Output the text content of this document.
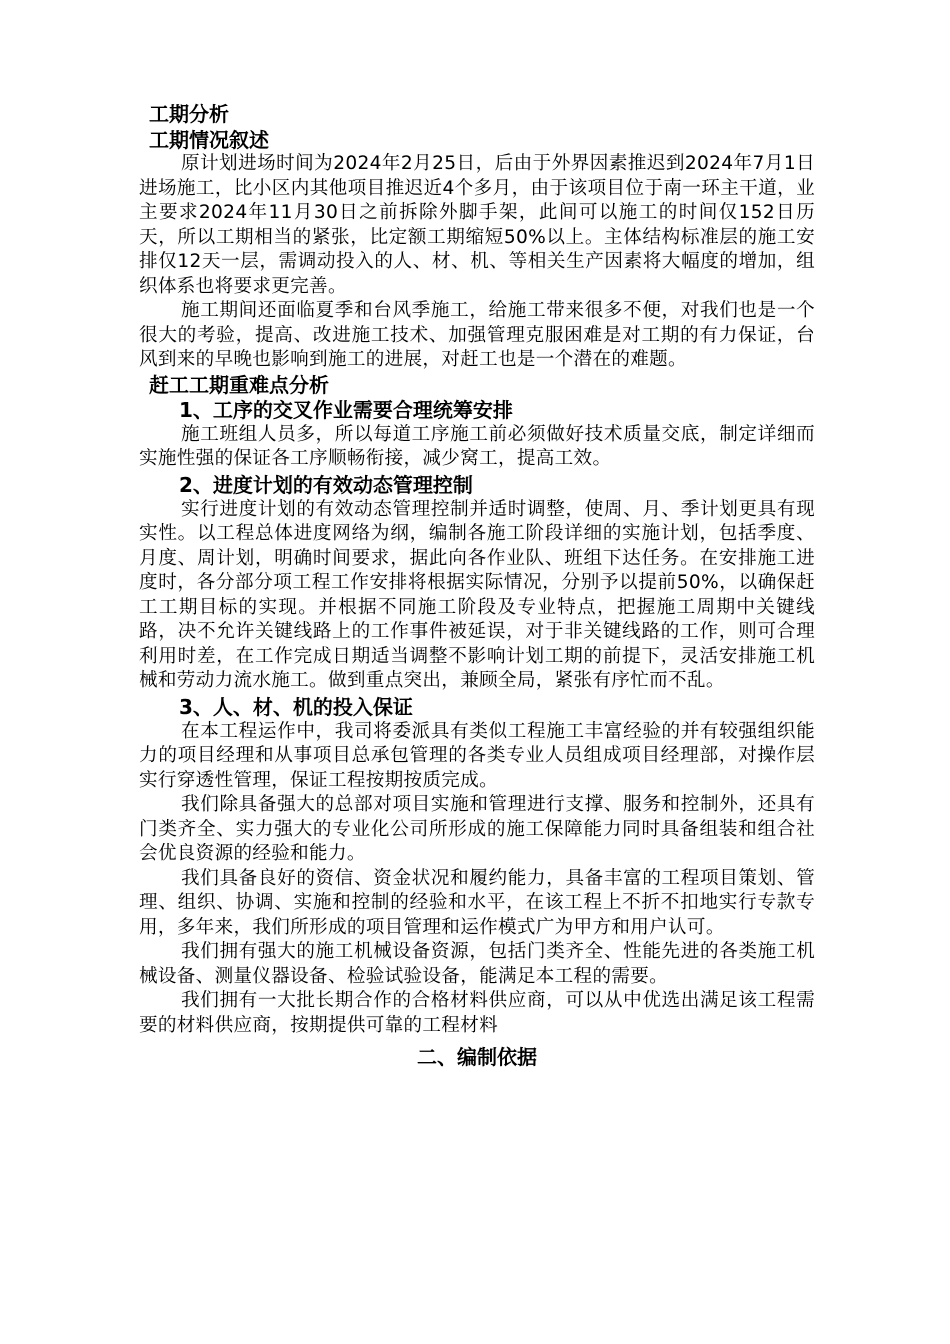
工期分析
工期情况叙述

原计划进场时间为2024年2月25日，后由于外界因素推迟到2024年7月1日进场施工，比小区内其他项目推迟近4个多月，由于该项目位于南一环主干道，业主要求2024年11月30日之前拆除外脚手架，此间可以施工的时间仅152日历天，所以工期相当的紧张，比定额工期缩短50%以上。主体结构标准层的施工安排仅12天一层，需调动投入的人、材、机、等相关生产因素将大幅度的增加，组织体系也将要求更完善。

施工期间还面临夏季和台风季施工，给施工带来很多不便，对我们也是一个很大的考验，提高、改进施工技术、加强管理克服困难是对工期的有力保证，台风到来的早晚也影响到施工的进展，对赶工也是一个潜在的难题。

赶工工期重难点分析
1、工序的交叉作业需要合理统筹安排

施工班组人员多，所以每道工序施工前必须做好技术质量交底，制定详细而实施性强的保证各工序顺畅衔接，减少窝工，提高工效。

2、进度计划的有效动态管理控制

实行进度计划的有效动态管理控制并适时调整，使周、月、季计划更具有现实性。以工程总体进度网络为纲，编制各施工阶段详细的实施计划，包括季度、月度、周计划，明确时间要求，据此向各作业队、班组下达任务。在安排施工进度时，各分部分项工程工作安排将根据实际情况，分别予以提前50%，以确保赶工工期目标的实现。并根据不同施工阶段及专业特点，把握施工周期中关键线路，决不允许关键线路上的工作事件被延误，对于非关键线路的工作，则可合理利用时差，在工作完成日期适当调整不影响计划工期的前提下，灵活安排施工机械和劳动力流水施工。做到重点突出，兼顾全局，紧张有序忙而不乱。

3、人、材、机的投入保证

在本工程运作中，我司将委派具有类似工程施工丰富经验的并有较强组织能力的项目经理和从事项目总承包管理的各类专业人员组成项目经理部，对操作层实行穿透性管理，保证工程按期按质完成。

我们除具备强大的总部对项目实施和管理进行支撑、服务和控制外，还具有门类齐全、实力强大的专业化公司所形成的施工保障能力同时具备组装和组合社会优良资源的经验和能力。

我们具备良好的资信、资金状况和履约能力，具备丰富的工程项目策划、管理、组织、协调、实施和控制的经验和水平，在该工程上不折不扣地实行专款专用，多年来，我们所形成的项目管理和运作模式广为甲方和用户认可。

我们拥有强大的施工机械设备资源，包括门类齐全、性能先进的各类施工机械设备、测量仪器设备、检验试验设备，能满足本工程的需要。

我们拥有一大批长期合作的合格材料供应商，可以从中优选出满足该工程需要的材料供应商，按期提供可靠的工程材料

二、编制依据
